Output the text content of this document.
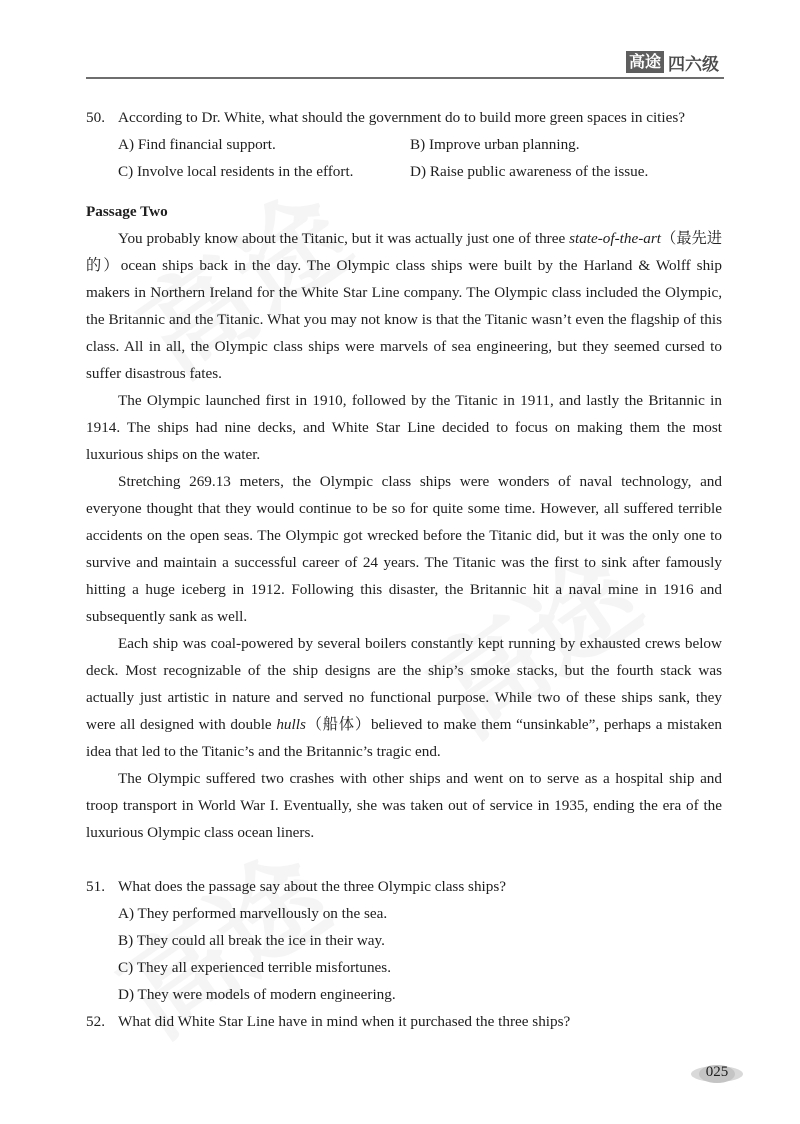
高途 四六级
50. According to Dr. White, what should the government do to build more green spaces in cities?
A) Find financial support.	B) Improve urban planning.
C) Involve local residents in the effort.	D) Raise public awareness of the issue.
Passage Two

You probably know about the Titanic, but it was actually just one of three state-of-the-art（最先进的）ocean ships back in the day. The Olympic class ships were built by the Harland & Wolff ship makers in Northern Ireland for the White Star Line company. The Olympic class included the Olympic, the Britannic and the Titanic. What you may not know is that the Titanic wasn’t even the flagship of this class. All in all, the Olympic class ships were marvels of sea engineering, but they seemed cursed to suffer disastrous fates.

The Olympic launched first in 1910, followed by the Titanic in 1911, and lastly the Britannic in 1914. The ships had nine decks, and White Star Line decided to focus on making them the most luxurious ships on the water.

Stretching 269.13 meters, the Olympic class ships were wonders of naval technology, and everyone thought that they would continue to be so for quite some time. However, all suffered terrible accidents on the open seas. The Olympic got wrecked before the Titanic did, but it was the only one to survive and maintain a successful career of 24 years. The Titanic was the first to sink after famously hitting a huge iceberg in 1912. Following this disaster, the Britannic hit a naval mine in 1916 and subsequently sank as well.

Each ship was coal-powered by several boilers constantly kept running by exhausted crews below deck. Most recognizable of the ship designs are the ship’s smoke stacks, but the fourth stack was actually just artistic in nature and served no functional purpose. While two of these ships sank, they were all designed with double hulls（船体）believed to make them “unsinkable”, perhaps a mistaken idea that led to the Titanic’s and the Britannic’s tragic end.

The Olympic suffered two crashes with other ships and went on to serve as a hospital ship and troop transport in World War I. Eventually, she was taken out of service in 1935, ending the era of the luxurious Olympic class ocean liners.

51. What does the passage say about the three Olympic class ships?
A) They performed marvellously on the sea.
B) They could all break the ice in their way.
C) They all experienced terrible misfortunes.
D) They were models of modern engineering.
52. What did White Star Line have in mind when it purchased the three ships?
025
